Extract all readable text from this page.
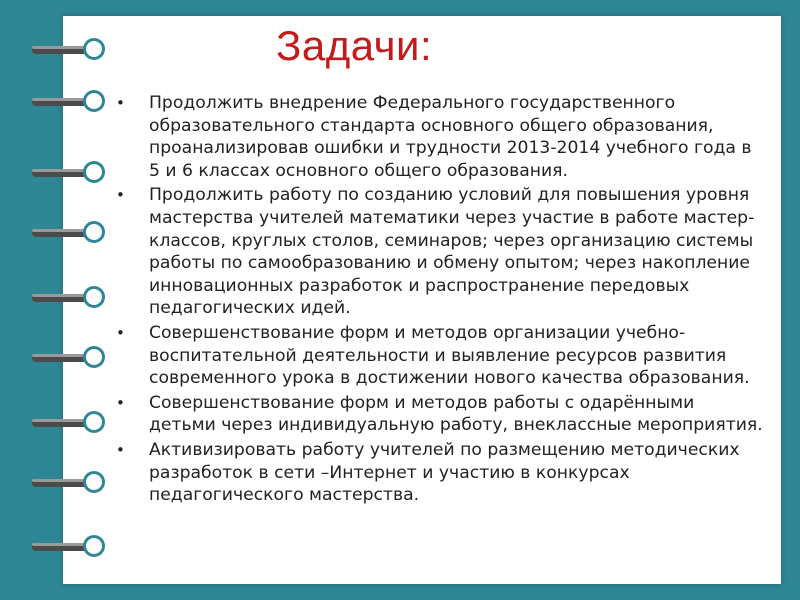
Задачи:
• Продолжить внедрение Федерального государственного образовательного стандарта основного общего образования, проанализировав ошибки и трудности 2013-2014 учебного года в 5 и 6 классах основного общего образования.
• Продолжить работу по созданию условий для повышения уровня мастерства учителей математики через участие в работе мастер-классов, круглых столов, семинаров; через организацию системы работы по самообразованию и обмену опытом; через накопление инновационных разработок и распространение передовых педагогических идей.
• Совершенствование форм и методов организации учебно-воспитательной деятельности и выявление ресурсов развития современного урока в достижении нового качества образования.
• Совершенствование форм и методов работы с одарёнными детьми через индивидуальную работу, внеклассные мероприятия.
• Активизировать работу учителей по размещению методических разработок в сети –Интернет и участию в конкурсах педагогического мастерства.
